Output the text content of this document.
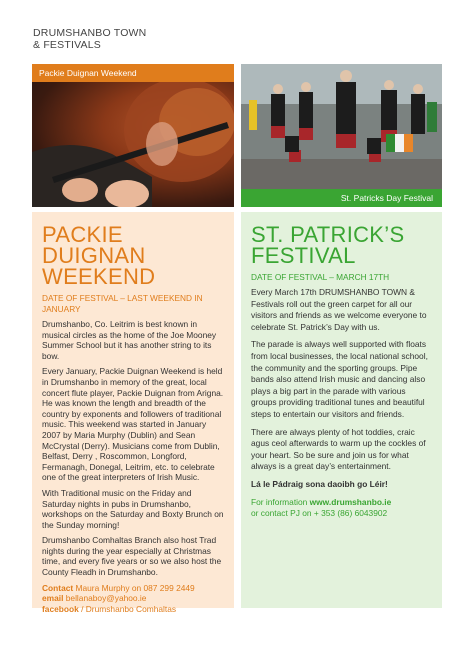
DRUMSHANBO TOWN
& FESTIVALS
Packie Duignan Weekend
St. Patricks Day Festival
PACKIE DUIGNAN
WEEKEND
DATE OF FESTIVAL – LAST WEEKEND IN JANUARY

Drumshanbo, Co. Leitrim is best known in musical circles as the home of the Joe Mooney Summer School but it has another string to its bow.

Every January, Packie Duignan Weekend is held in Drumshanbo in memory of the great, local concert flute player, Packie Duignan from Arigna. He was known the length and breadth of the country by exponents and followers of traditional music. This weekend was started in January 2007 by Maria Murphy (Dublin) and Sean McCrystal (Derry). Musicians come from Dublin, Belfast, Derry , Roscommon, Longford, Fermanagh, Donegal, Leitrim, etc. to celebrate one of the great interpreters of Irish Music.

With Traditional music on the Friday and Saturday nights in pubs in Drumshanbo, workshops on the Saturday and Boxty Brunch on the Sunday morning!

Drumshanbo Comhaltas Branch also host Trad nights during the year especially at Christmas time, and every five years or so we also host the County Fleadh in Drumshanbo.

Contact Maura Murphy on 087 299 2449
email bellanaboy@yahoo.ie
facebook / Drumshanbo Comhaltas
ST. PATRICK’S
FESTIVAL
DATE OF FESTIVAL – MARCH 17TH

Every March 17th DRUMSHANBO TOWN & Festivals roll out the green carpet for all our visitors and friends as we welcome everyone to celebrate St. Patrick’s Day with us.

The parade is always well supported with floats from local businesses, the local national school, the community and the sporting groups. Pipe bands also attend Irish music and dancing also plays a big part in the parade with various groups providing traditional tunes and beautiful steps to entertain our visitors and friends.

There are always plenty of hot toddies, craic agus ceol afterwards to warm up the cockles of your heart. So be sure and join us for what always is a great day’s entertainment.

Lá le Pádraig sona daoibh go Léir!

For information www.drumshanbo.ie
or contact PJ on + 353 (86) 6043902
